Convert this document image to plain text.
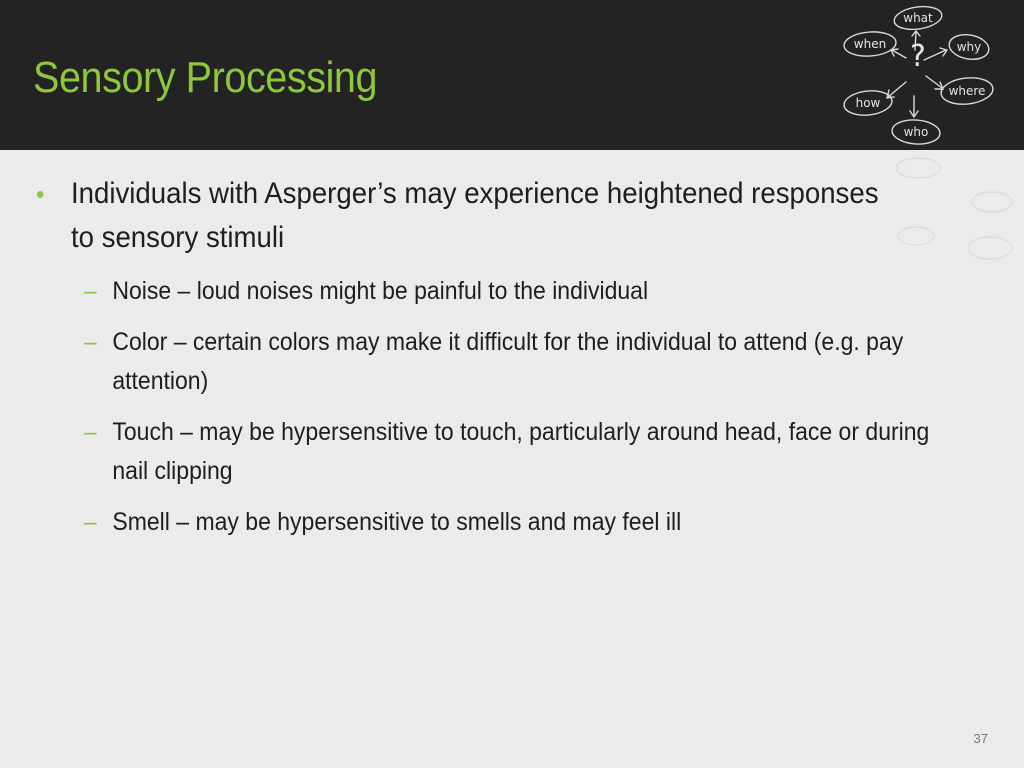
Sensory Processing	?
what
when	why
how
where
who
• Individuals with Asperger’s may experience heightened responses to sensory stimuli
– Noise – loud noises might be painful to the individual
– Color – certain colors may make it difficult for the individual to attend (e.g. pay attention)
– Touch – may be hypersensitive to touch, particularly around head, face or during nail clipping
– Smell – may be hypersensitive to smells and may feel ill
37
